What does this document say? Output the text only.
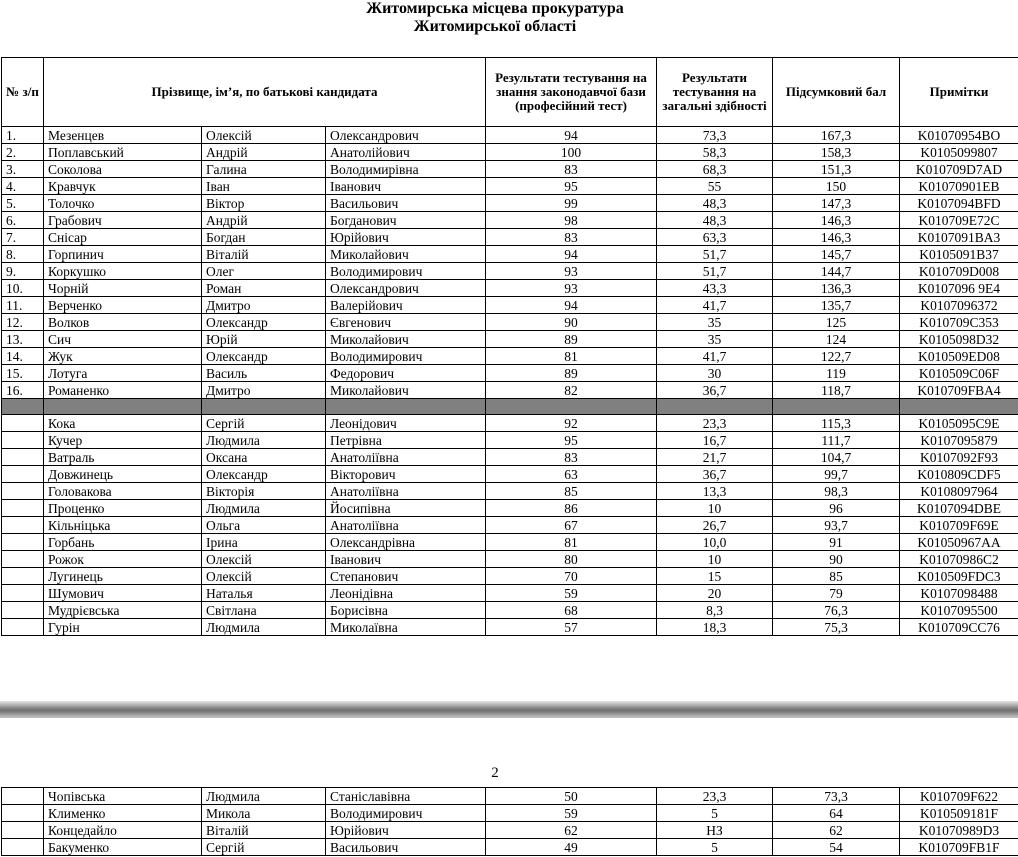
Житомирська місцева прокуратура
Житомирської області
№ з/п	Прізвище, ім’я, по батькові кандидата			Результати тестування на знання законодавчої бази (професійний тест)	Результати тестування на загальні здібності	Підсумковий бал	Примітки
1.	Мезенцев	Олексій	Олександрович	94	73,3	167,3	K01070954BO
2.	Поплавський	Андрій	Анатолійович	100	58,3	158,3	K0105099807
3.	Соколова	Галина	Володимирівна	83	68,3	151,3	K010709D7AD
4.	Кравчук	Іван	Іванович	95	55	150	K01070901EB
5.	Толочко	Віктор	Васильович	99	48,3	147,3	K0107094BFD
6.	Грабович	Андрій	Богданович	98	48,3	146,3	K010709E72C
7.	Снісар	Богдан	Юрійович	83	63,3	146,3	K0107091BA3
8.	Горпинич	Віталій	Миколайович	94	51,7	145,7	K0105091B37
9.	Коркушко	Олег	Володимирович	93	51,7	144,7	K010709D008
10.	Чорній	Роман	Олександрович	93	43,3	136,3	K0107096 9E4
11.	Верченко	Дмитро	Валерійович	94	41,7	135,7	K0107096372
12.	Волков	Олександр	Євгенович	90	35	125	K010709C353
13.	Сич	Юрій	Миколайович	89	35	124	K0105098D32
14.	Жук	Олександр	Володимирович	81	41,7	122,7	K010509ED08
15.	Лотуга	Василь	Федорович	89	30	119	K010509C06F
16.	Романенко	Дмитро	Миколайович	82	36,7	118,7	K010709FBA4

	Кока	Сергій	Леонідович	92	23,3	115,3	K0105095C9E
	Кучер	Людмила	Петрівна	95	16,7	111,7	K0107095879
	Ватраль	Оксана	Анатоліївна	83	21,7	104,7	K0107092F93
	Довжинець	Олександр	Вікторович	63	36,7	99,7	K010809CDF5
	Головакова	Вікторія	Анатоліївна	85	13,3	98,3	K0108097964
	Проценко	Людмила	Йосипівна	86	10	96	K0107094DBE
	Кільніцька	Ольга	Анатоліївна	67	26,7	93,7	K010709F69E
	Горбань	Ірина	Олександрівна	81	10,0	91	K01050967AA
	Рожок	Олексій	Іванович	80	10	90	K01070986C2
	Лугинець	Олексій	Степанович	70	15	85	K010509FDC3
	Шумович	Наталья	Леонідівна	59	20	79	K0107098488
	Мудрієвська	Світлана	Борисівна	68	8,3	76,3	K0107095500
	Гурін	Людмила	Миколаївна	57	18,3	75,3	K010709CC76
2
	Чопівська	Людмила	Станіславівна	50	23,3	73,3	K010709F622
	Клименко	Микола	Володимирович	59	5	64	K010509181F
	Концедайло	Віталій	Юрійович	62	НЗ	62	K01070989D3
	Бакуменко	Сергій	Васильович	49	5	54	K010709FB1F
